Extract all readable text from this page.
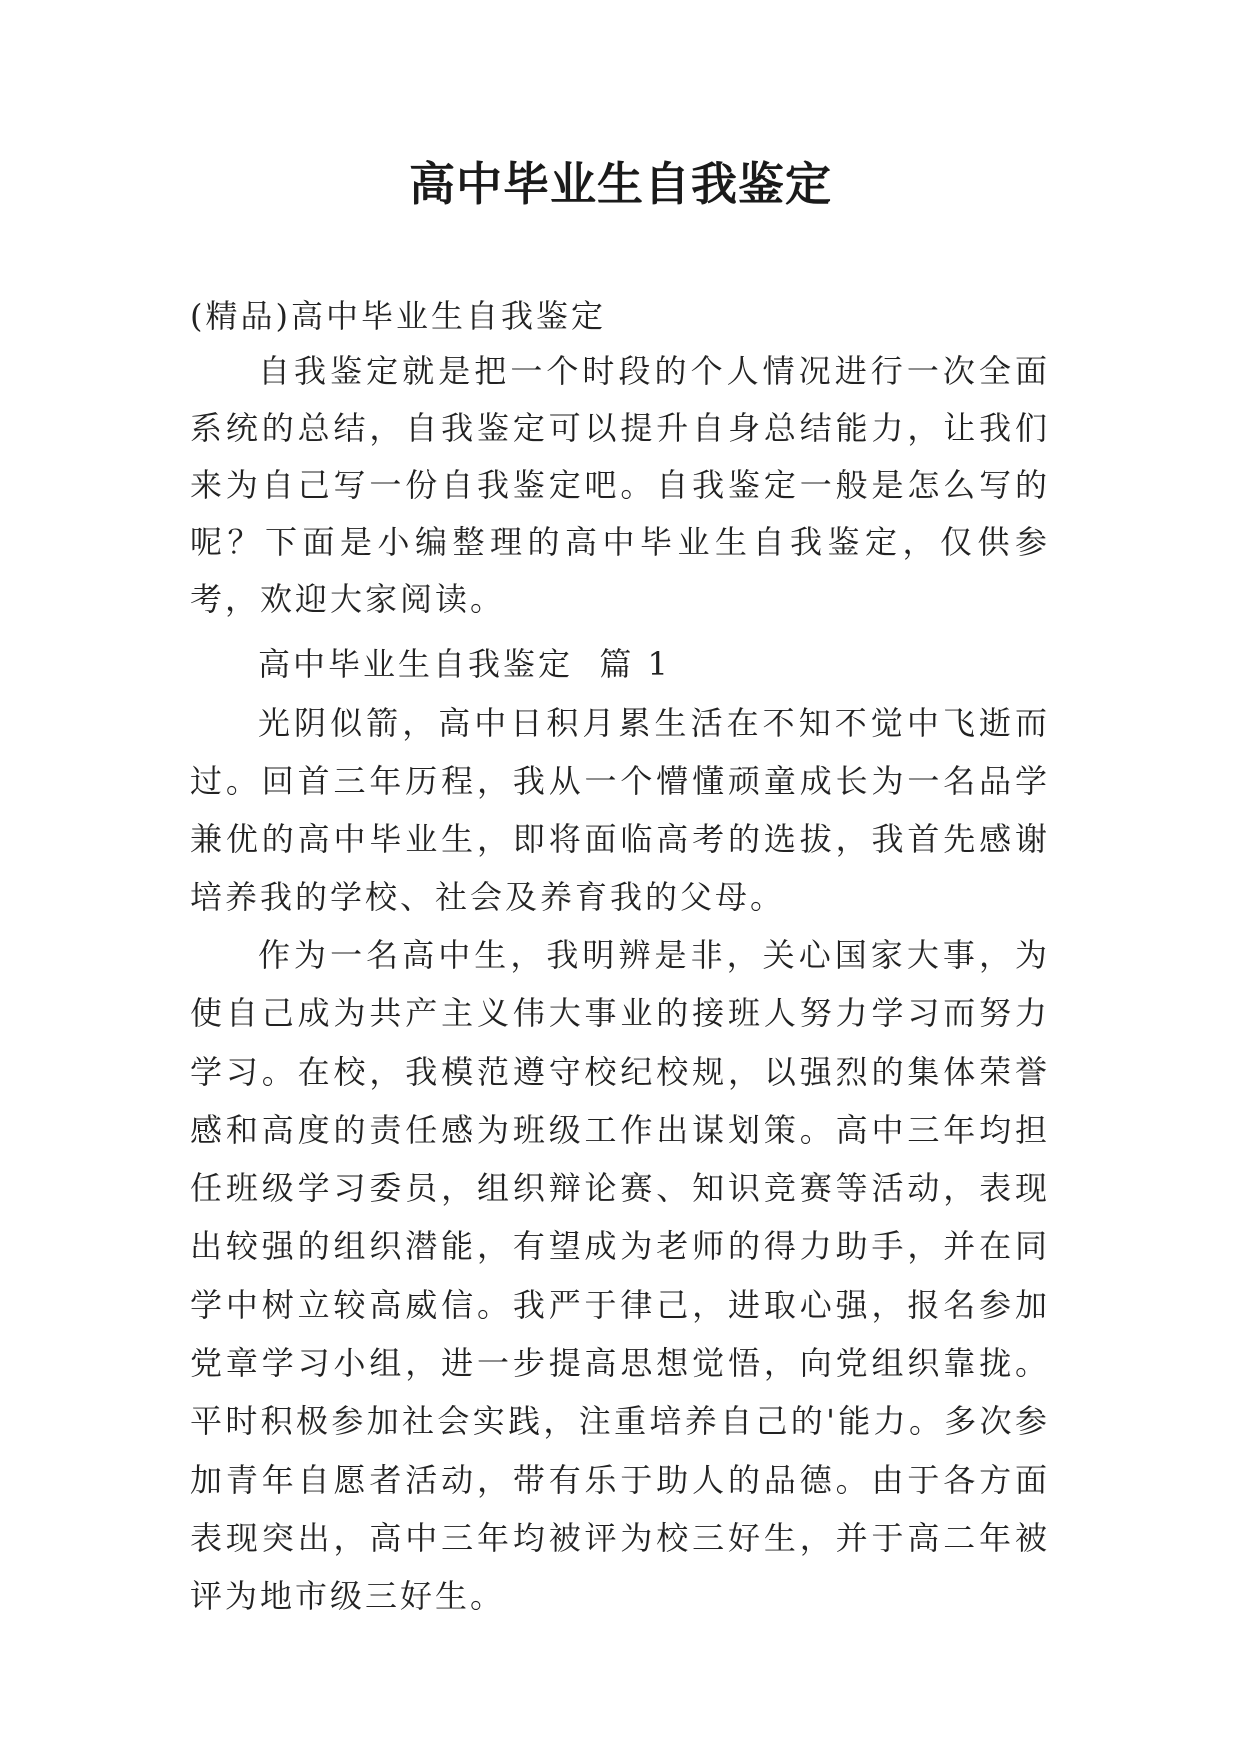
高中毕业生自我鉴定

(精品)高中毕业生自我鉴定

自我鉴定就是把一个时段的个人情况进行一次全面系统的总结，自我鉴定可以提升自身总结能力，让我们来为自己写一份自我鉴定吧。自我鉴定一般是怎么写的呢？下面是小编整理的高中毕业生自我鉴定，仅供参考，欢迎大家阅读。

高中毕业生自我鉴定  篇 1

光阴似箭，高中日积月累生活在不知不觉中飞逝而过。回首三年历程，我从一个懵懂顽童成长为一名品学兼优的高中毕业生，即将面临高考的选拔，我首先感谢培养我的学校、社会及养育我的父母。

作为一名高中生，我明辨是非，关心国家大事，为使自己成为共产主义伟大事业的接班人努力学习而努力学习。在校，我模范遵守校纪校规，以强烈的集体荣誉感和高度的责任感为班级工作出谋划策。高中三年均担任班级学习委员，组织辩论赛、知识竞赛等活动，表现出较强的组织潜能，有望成为老师的得力助手，并在同学中树立较高威信。我严于律己，进取心强，报名参加党章学习小组，进一步提高思想觉悟，向党组织靠拢。平时积极参加社会实践，注重培养自己的'能力。多次参加青年自愿者活动，带有乐于助人的品德。由于各方面表现突出，高中三年均被评为校三好生，并于高二年被评为地市级三好生。
